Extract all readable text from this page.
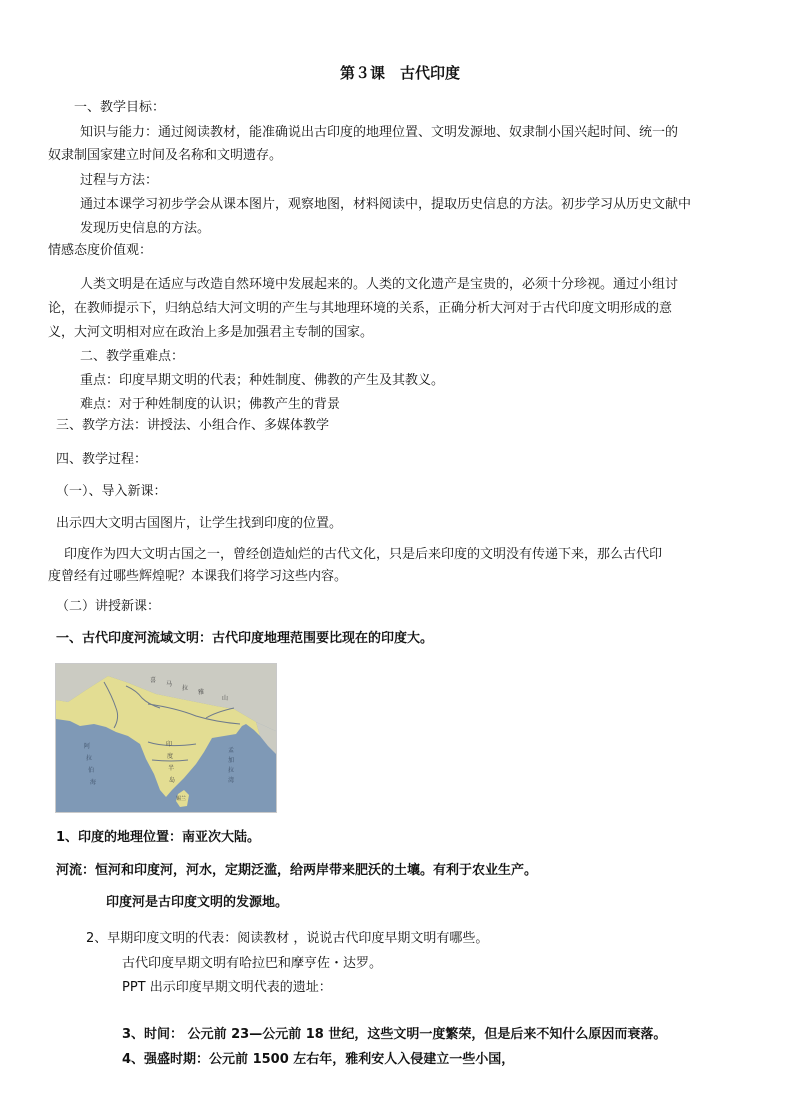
第３课　古代印度
一、教学目标：
知识与能力：通过阅读教材，能准确说出古印度的地理位置、文明发源地、奴隶制小国兴起时间、统一的
奴隶制国家建立时间及名称和文明遗存。
过程与方法：
通过本课学习初步学会从课本图片，观察地图，材料阅读中，提取历史信息的方法。初步学习从历史文献中
发现历史信息的方法。
情感态度价值观：
人类文明是在适应与改造自然环境中发展起来的。人类的文化遗产是宝贵的，必须十分珍视。通过小组讨
论，在教师提示下，归纳总结大河文明的产生与其地理环境的关系，正确分析大河对于古代印度文明形成的意
义，大河文明相对应在政治上多是加强君主专制的国家。
二、教学重难点：
重点：印度早期文明的代表；种姓制度、佛教的产生及其教义。
难点：对于种姓制度的认识；佛教产生的背景
三、教学方法：讲授法、小组合作、多媒体教学
四、教学过程：
（一）、导入新课：
出示四大文明古国图片，让学生找到印度的位置。
印度作为四大文明古国之一，曾经创造灿烂的古代文化，只是后来印度的文明没有传递下来，那么古代印
度曾经有过哪些辉煌呢？本课我们将学习这些内容。
（二）讲授新课：
一、古代印度河流域文明：古代印度地理范围要比现在的印度大。
喜
马
拉
雅
山
阿
拉
伯
海
印
度
半
岛
孟
加
拉
湾
锡兰
1、印度的地理位置：南亚次大陆。
河流：恒河和印度河，河水，定期泛滥，给两岸带来肥沃的土壤。有利于农业生产。
印度河是古印度文明的发源地。
2、早期印度文明的代表：阅读教材 ，说说古代印度早期文明有哪些。
古代印度早期文明有哈拉巴和摩亨佐・达罗。
PPT 出示印度早期文明代表的遗址：
3、时间： 公元前 23—公元前 18 世纪，这些文明一度繁荣，但是后来不知什么原因而衰落。
4、强盛时期：公元前 1500 左右年，雅利安人入侵建立一些小国，
